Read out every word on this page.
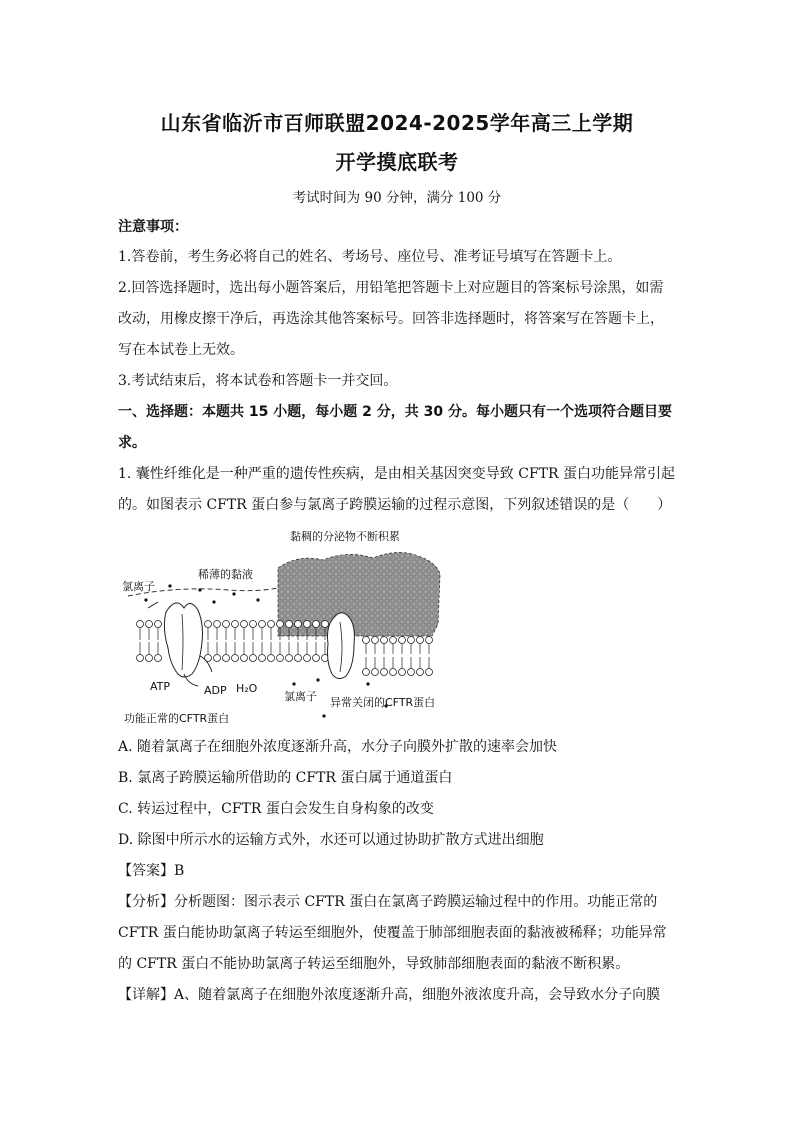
山东省临沂市百师联盟2024-2025学年高三上学期
开学摸底联考
考试时间为 90 分钟，满分 100 分
注意事项：
1.答卷前，考生务必将自己的姓名、考场号、座位号、准考证号填写在答题卡上。
2.回答选择题时，选出每小题答案后，用铅笔把答题卡上对应题目的答案标号涂黑，如需
改动，用橡皮擦干净后，再选涂其他答案标号。回答非选择题时，将答案写在答题卡上，
写在本试卷上无效。
3.考试结束后，将本试卷和答题卡一并交回。
一、选择题：本题共 15 小题，每小题 2 分，共 30 分。每小题只有一个选项符合题目要
求。
1. 囊性纤维化是一种严重的遗传性疾病，是由相关基因突变导致 CFTR 蛋白功能异常引起
的。如图表示 CFTR 蛋白参与氯离子跨膜运输的过程示意图，下列叙述错误的是（　　）
黏稠的分泌物不断积累
稀薄的黏液
氯离子
ATP	ADP H₂O
氯离子 异常关闭的CFTR蛋白
功能正常的CFTR蛋白
A. 随着氯离子在细胞外浓度逐渐升高，水分子向膜外扩散的速率会加快
B. 氯离子跨膜运输所借助的 CFTR 蛋白属于通道蛋白
C. 转运过程中，CFTR 蛋白会发生自身构象的改变
D. 除图中所示水的运输方式外，水还可以通过协助扩散方式进出细胞
【答案】B
【分析】分析题图：图示表示 CFTR 蛋白在氯离子跨膜运输过程中的作用。功能正常的
CFTR 蛋白能协助氯离子转运至细胞外，使覆盖于肺部细胞表面的黏液被稀释；功能异常
的 CFTR 蛋白不能协助氯离子转运至细胞外，导致肺部细胞表面的黏液不断积累。
【详解】A、随着氯离子在细胞外浓度逐渐升高，细胞外液浓度升高，会导致水分子向膜
